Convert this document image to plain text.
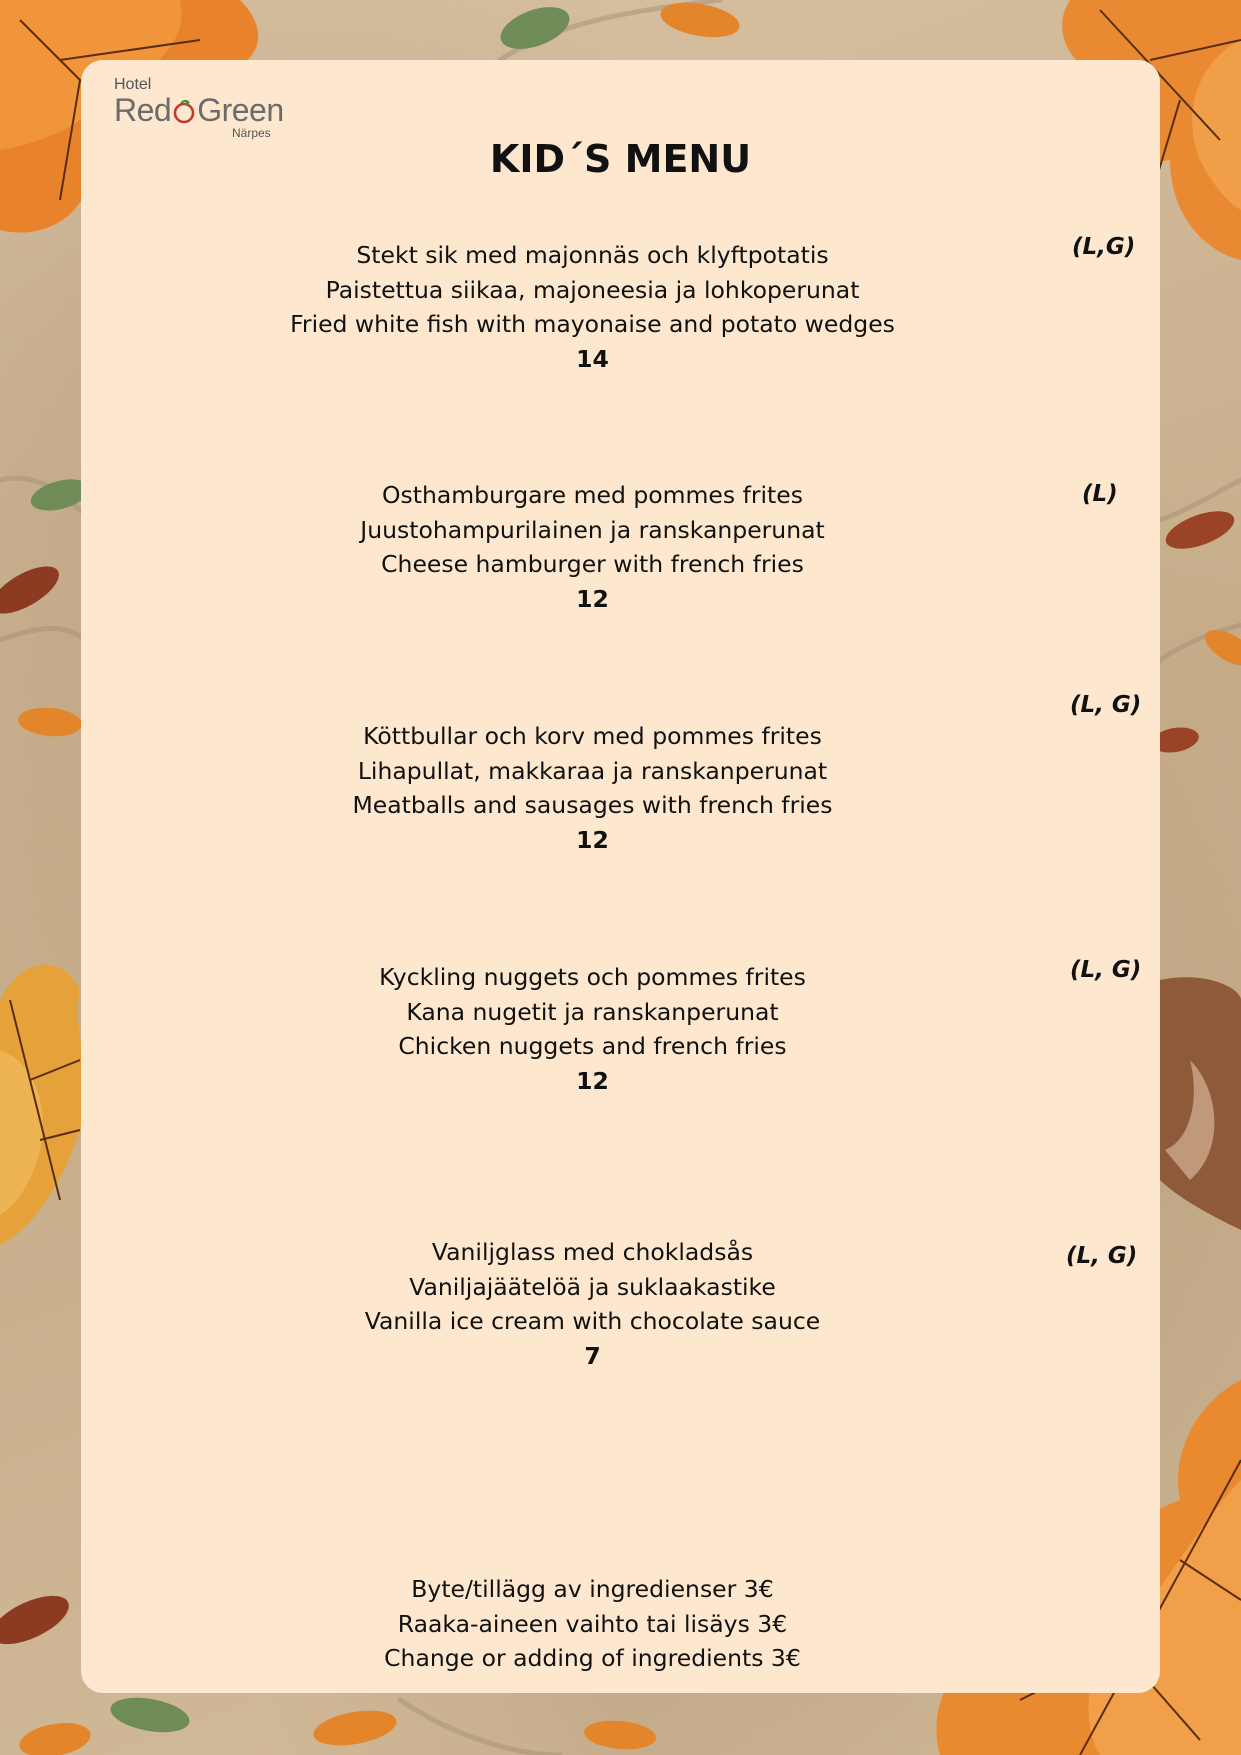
Hotel
Red Green
Närpes
KID´S MENU
Stekt sik med majonnäs och klyftpotatis
Paistettua siikaa, majoneesia ja lohkoperunat
Fried white fish with mayonaise and potato wedges
14
(L,G)
Osthamburgare med pommes frites
Juustohampurilainen ja ranskanperunat
Cheese hamburger with french fries
12
(L)
Köttbullar och korv med pommes frites
Lihapullat, makkaraa ja ranskanperunat
Meatballs and sausages with french fries
12
(L, G)
Kyckling nuggets och pommes frites
Kana nugetit ja ranskanperunat
Chicken nuggets and french fries
12
(L, G)
Vaniljglass med chokladsås
Vaniljajäätelöä ja suklaakastike
Vanilla ice cream with chocolate sauce
7
(L, G)
Byte/tillägg av ingredienser 3€
Raaka-aineen vaihto tai lisäys 3€
Change or adding of ingredients 3€
